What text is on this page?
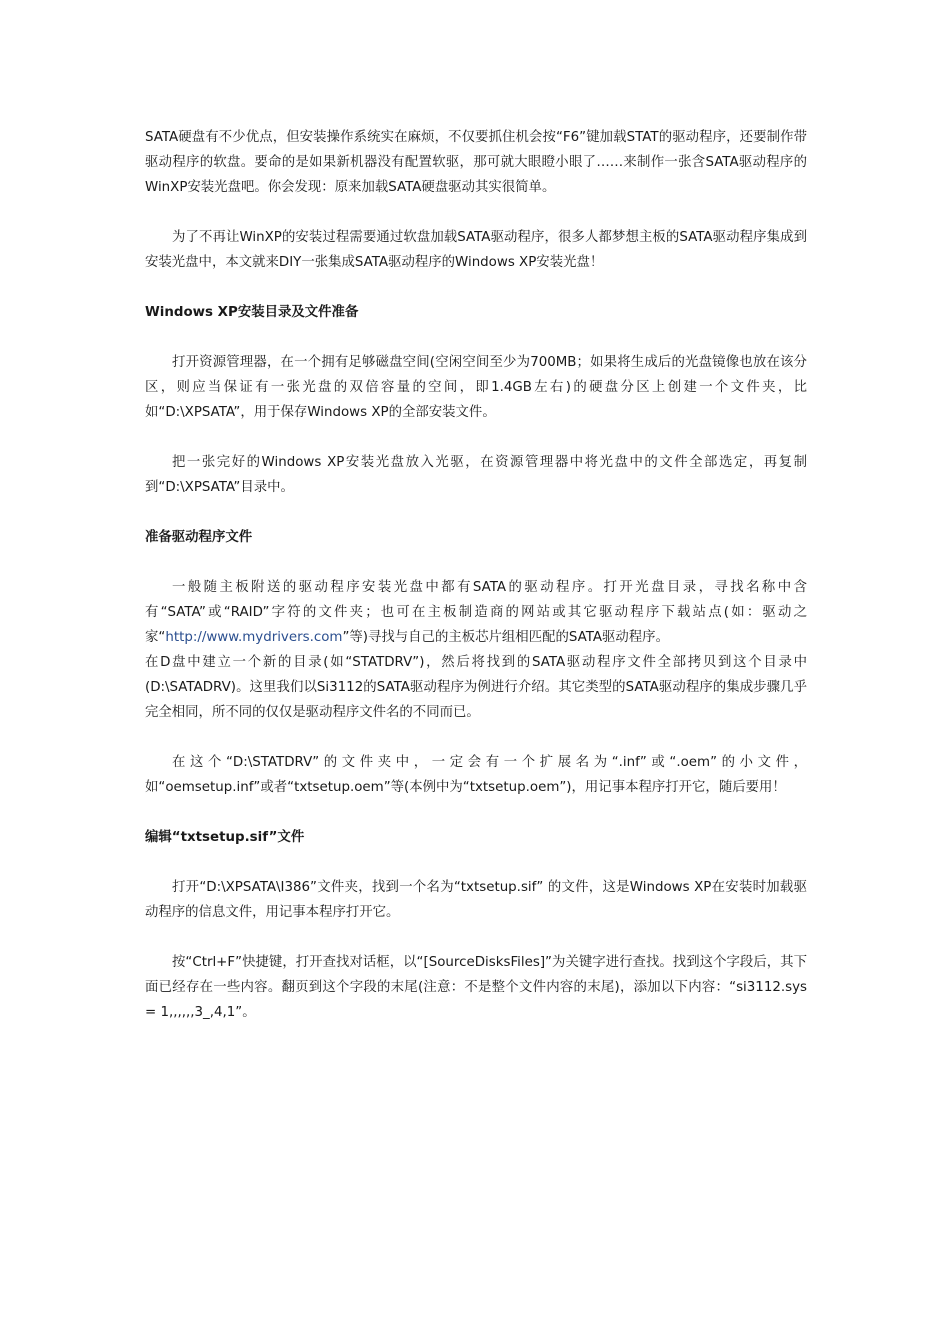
SATA硬盘有不少优点，但安装操作系统实在麻烦，不仅要抓住机会按“F6”键加载STAT的驱动程序，还要制作带驱动程序的软盘。要命的是如果新机器没有配置软驱，那可就大眼瞪小眼了……来制作一张含SATA驱动程序的WinXP安装光盘吧。你会发现：原来加载SATA硬盘驱动其实很简单。

为了不再让WinXP的安装过程需要通过软盘加载SATA驱动程序，很多人都梦想主板的SATA驱动程序集成到安装光盘中，本文就来DIY一张集成SATA驱动程序的Windows XP安装光盘！

Windows XP安装目录及文件准备

打开资源管理器，在一个拥有足够磁盘空间(空闲空间至少为700MB；如果将生成后的光盘镜像也放在该分区，则应当保证有一张光盘的双倍容量的空间，即1.4GB左右)的硬盘分区上创建一个文件夹，比如“D:\XPSATA”，用于保存Windows XP的全部安装文件。

把一张完好的Windows XP安装光盘放入光驱，在资源管理器中将光盘中的文件全部选定，再复制到“D:\XPSATA”目录中。

准备驱动程序文件

一般随主板附送的驱动程序安装光盘中都有SATA的驱动程序。打开光盘目录，寻找名称中含有“SATA”或“RAID”字符的文件夹；也可在主板制造商的网站或其它驱动程序下载站点(如：驱动之家“http://www.mydrivers.com”等)寻找与自己的主板芯片组相匹配的SATA驱动程序。

在D盘中建立一个新的目录(如“STATDRV”)，然后将找到的SATA驱动程序文件全部拷贝到这个目录中(D:\SATADRV)。这里我们以Si3112的SATA驱动程序为例进行介绍。其它类型的SATA驱动程序的集成步骤几乎完全相同，所不同的仅仅是驱动程序文件名的不同而已。

在这个“D:\STATDRV”的文件夹中，一定会有一个扩展名为“.inf”或“.oem”的小文件，如“oemsetup.inf”或者“txtsetup.oem”等(本例中为“txtsetup.oem”)，用记事本程序打开它，随后要用！

编辑“txtsetup.sif”文件

打开“D:\XPSATA\I386”文件夹，找到一个名为“txtsetup.sif” 的文件，这是Windows XP在安装时加载驱动程序的信息文件，用记事本程序打开它。

按“Ctrl+F”快捷键，打开查找对话框，以“[SourceDisksFiles]”为关键字进行查找。找到这个字段后，其下面已经存在一些内容。翻页到这个字段的末尾(注意：不是整个文件内容的末尾)，添加以下内容：“si3112.sys = 1,,,,,,3_,4,1”。
